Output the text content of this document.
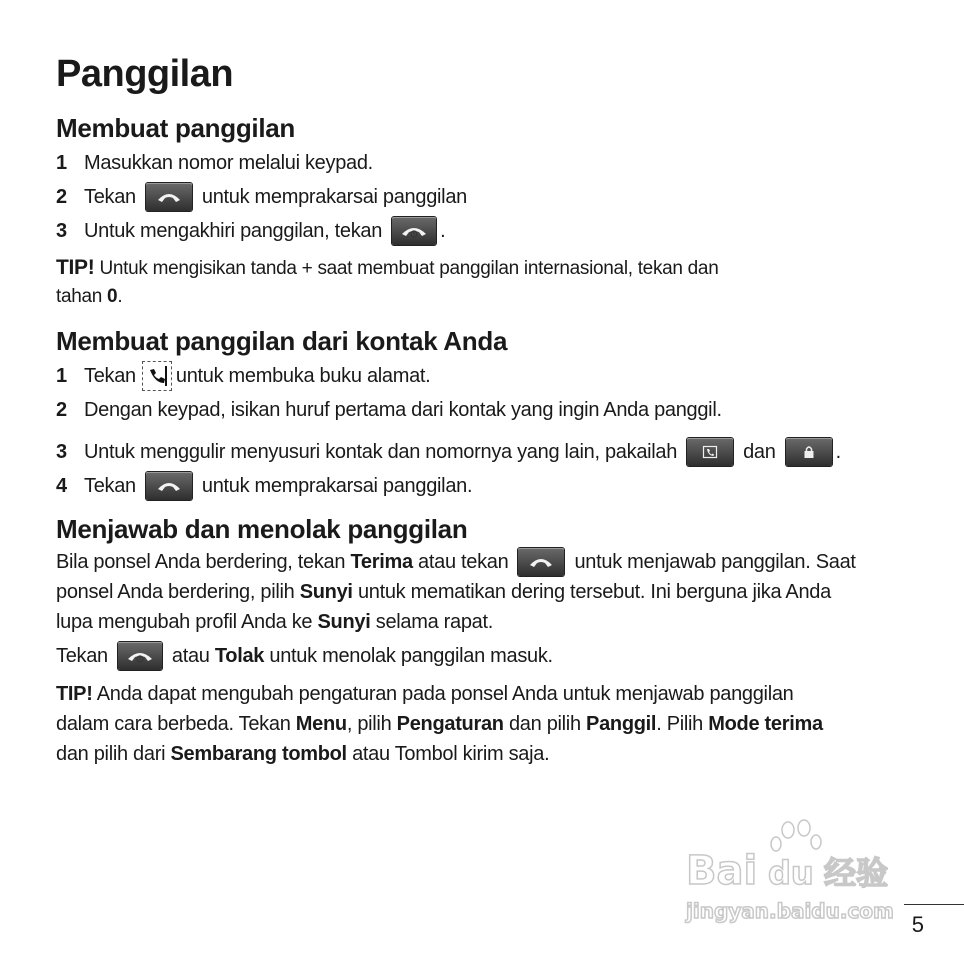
Panggilan
Membuat panggilan
1 Masukkan nomor melalui keypad.
2 Tekan	untuk memprakarsai panggilan
3 Untuk mengakhiri panggilan, tekan	.
TIP! Untuk mengisikan tanda + saat membuat panggilan internasional, tekan dan
tahan 0.
Membuat panggilan dari kontak Anda
1 Tekan untuk membuka buku alamat.
2 Dengan keypad, isikan huruf pertama dari kontak yang ingin Anda panggil.
3 Untuk menggulir menyusuri kontak dan nomornya yang lain, pakailah	dan	.
4 Tekan	untuk memprakarsai panggilan.
Menjawab dan menolak panggilan
Bila ponsel Anda berdering, tekan
Terima
atau tekan	untuk menjawab panggilan. Saat
ponsel Anda berdering, pilih Sunyi untuk mematikan dering tersebut. Ini berguna jika Anda
lupa mengubah profil Anda ke Sunyi selama rapat.
Tekan	atau
Tolak
untuk menolak panggilan masuk.
TIP! Anda dapat mengubah pengaturan pada ponsel Anda untuk menjawab panggilan
dalam cara berbeda. Tekan Menu, pilih Pengaturan dan pilih Panggil. Pilih Mode terima
dan pilih dari Sembarang tombol atau Tombol kirim saja.
Bai du 经验
jingyan.baidu.com
5
